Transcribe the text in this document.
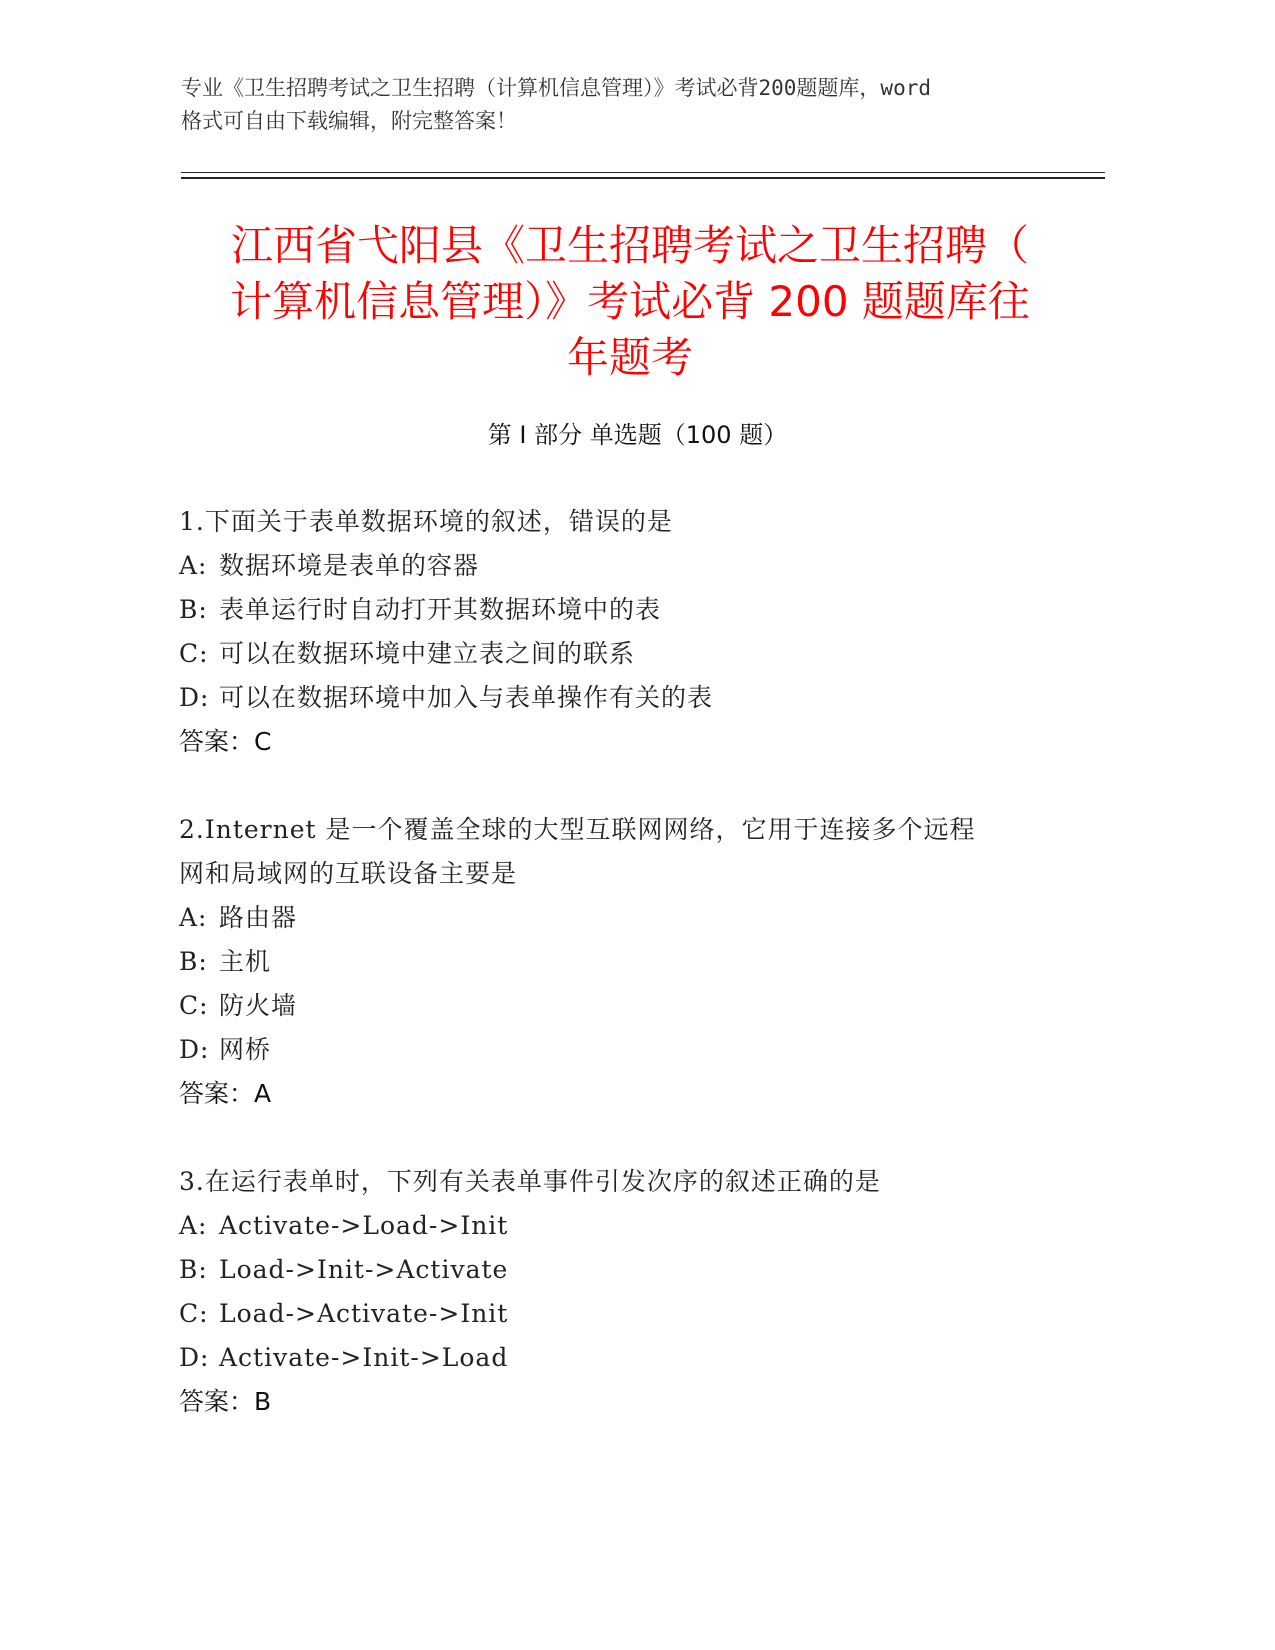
专业《卫生招聘考试之卫生招聘（计算机信息管理）》考试必背200题题库，word
格式可自由下载编辑，附完整答案！
江西省弋阳县《卫生招聘考试之卫生招聘（
计算机信息管理）》考试必背 200 题题库往
年题考
第 I 部分 单选题（100 题）
1.下面关于表单数据环境的叙述，错误的是
A: 数据环境是表单的容器
B: 表单运行时自动打开其数据环境中的表
C: 可以在数据环境中建立表之间的联系
D: 可以在数据环境中加入与表单操作有关的表
答案：C
2.Internet 是一个覆盖全球的大型互联网网络，它用于连接多个远程
网和局域网的互联设备主要是
A: 路由器
B: 主机
C: 防火墙
D: 网桥
答案：A
3.在运行表单时，下列有关表单事件引发次序的叙述正确的是
A: Activate->Load->Init
B: Load->Init->Activate
C: Load->Activate->Init
D: Activate->Init->Load
答案：B
